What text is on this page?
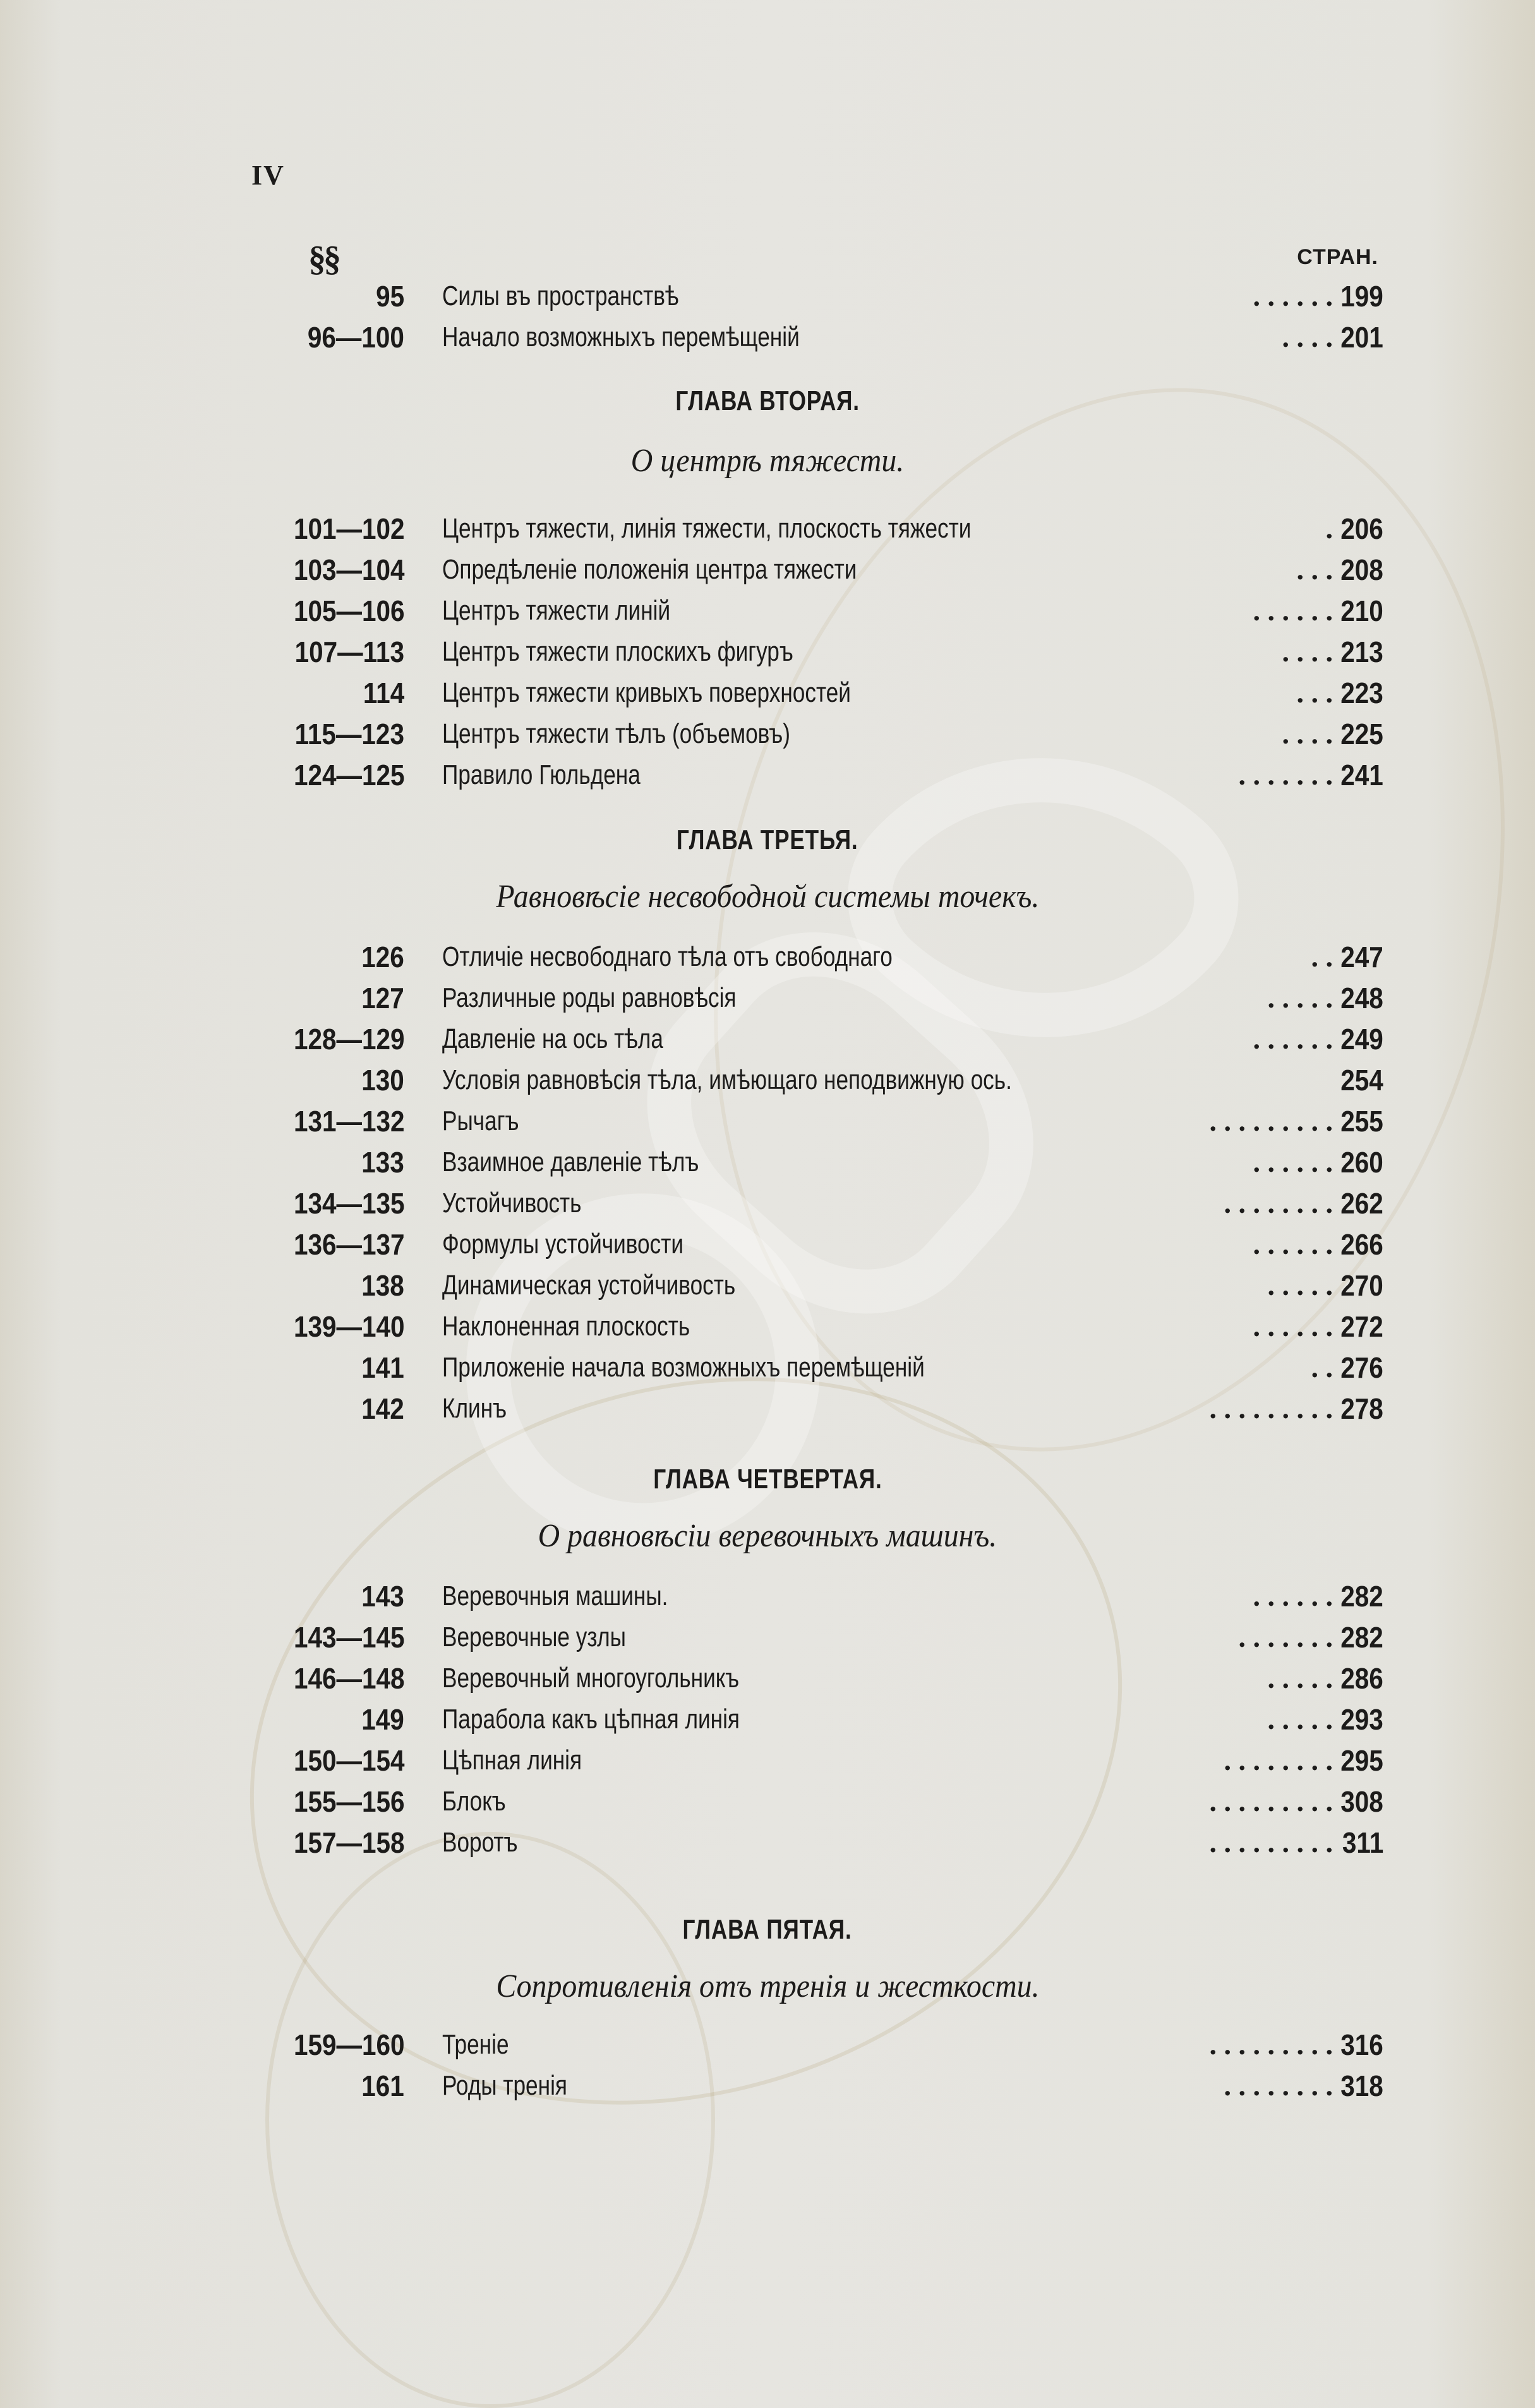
IV
§§	СТРАН.
95 Силы въ пространствѣ	. . . . . . 199
96—100 Начало возможныхъ перемѣщеній	. . . . 201
ГЛАВА ВТОРАЯ.
О центрѣ тяжести.
101—102 Центръ тяжести, линія тяжести, плоскость тяжести	. 206
103—104 Опредѣленіе положенія центра тяжести	. . . 208
105—106 Центръ тяжести линій	. . . . . . 210
107—113 Центръ тяжести плоскихъ фигуръ	. . . . 213
114 Центръ тяжести кривыхъ поверхностей	. . . 223
115—123 Центръ тяжести тѣлъ (объемовъ)	. . . . 225
124—125 Правило Гюльдена	. . . . . . . 241
ГЛАВА ТРЕТЬЯ.
Равновѣсіе несвободной системы точекъ.
126 Отличіе несвободнаго тѣла отъ свободнаго	. . 247
127 Различные роды равновѣсія	. . . . . 248
128—129 Давленіе на ось тѣла	. . . . . . 249
130 Условія равновѣсія тѣла, имѣющаго неподвижную ось.	254
131—132 Рычагъ	. . . . . . . . . 255
133 Взаимное давленіе тѣлъ	. . . . . . 260
134—135 Устойчивость	. . . . . . . . 262
136—137 Формулы устойчивости	. . . . . . 266
138 Динамическая устойчивость	. . . . . 270
139—140 Наклоненная плоскость	. . . . . . 272
141 Приложеніе начала возможныхъ перемѣщеній	. . 276
142 Клинъ	. . . . . . . . . 278
ГЛАВА ЧЕТВЕРТАЯ.
О равновѣсіи веревочныхъ машинъ.
143 Веревочныя машины.	. . . . . . 282
143—145 Веревочные узлы	. . . . . . . 282
146—148 Веревочный многоугольникъ	. . . . . 286
149 Парабола какъ цѣпная линія	. . . . . 293
150—154 Цѣпная линія	. . . . . . . . 295
155—156 Блокъ	. . . . . . . . . 308
157—158 Воротъ	. . . . . . . . . 311
ГЛАВА ПЯТАЯ.
Сопротивленія отъ тренія и жесткости.
159—160 Треніе	. . . . . . . . . 316
161 Роды тренія	. . . . . . . . 318
